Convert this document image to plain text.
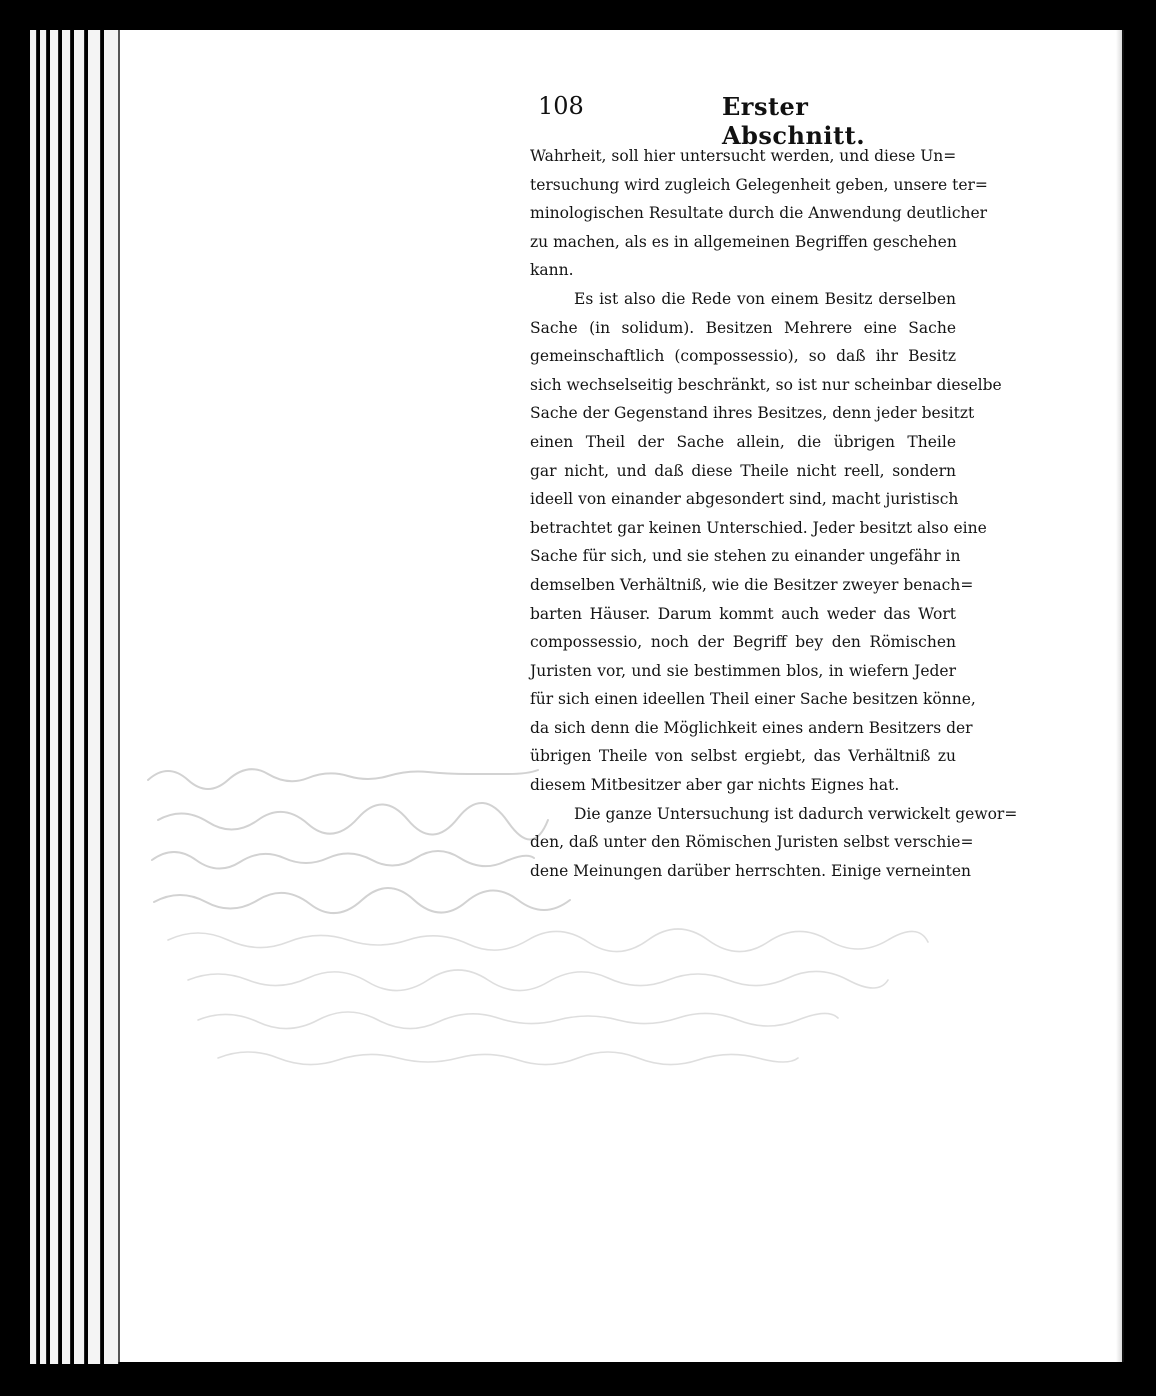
108	Erster Abschnitt.
Wahrheit, soll hier untersucht werden, und diese Un=
tersuchung wird zugleich Gelegenheit geben, unsere ter=
minologischen Resultate durch die Anwendung deutlicher
zu machen, als es in allgemeinen Begriffen geschehen
kann.
Es ist also die Rede von einem Besitz derselben
Sache (in solidum). Besitzen Mehrere eine Sache
gemeinschaftlich (compossessio), so daß ihr Besitz
sich wechselseitig beschränkt, so ist nur scheinbar dieselbe
Sache der Gegenstand ihres Besitzes, denn jeder besitzt
einen Theil der Sache allein, die übrigen Theile
gar nicht, und daß diese Theile nicht reell, sondern
ideell von einander abgesondert sind, macht juristisch
betrachtet gar keinen Unterschied. Jeder besitzt also eine
Sache für sich, und sie stehen zu einander ungefähr in
demselben Verhältniß, wie die Besitzer zweyer benach=
barten Häuser. Darum kommt auch weder das Wort
compossessio, noch der Begriff bey den Römischen
Juristen vor, und sie bestimmen blos, in wiefern Jeder
für sich einen ideellen Theil einer Sache besitzen könne,
da sich denn die Möglichkeit eines andern Besitzers der
übrigen Theile von selbst ergiebt, das Verhältniß zu
diesem Mitbesitzer aber gar nichts Eignes hat.
Die ganze Untersuchung ist dadurch verwickelt gewor=
den, daß unter den Römischen Juristen selbst verschie=
dene Meinungen darüber herrschten. Einige verneinten
